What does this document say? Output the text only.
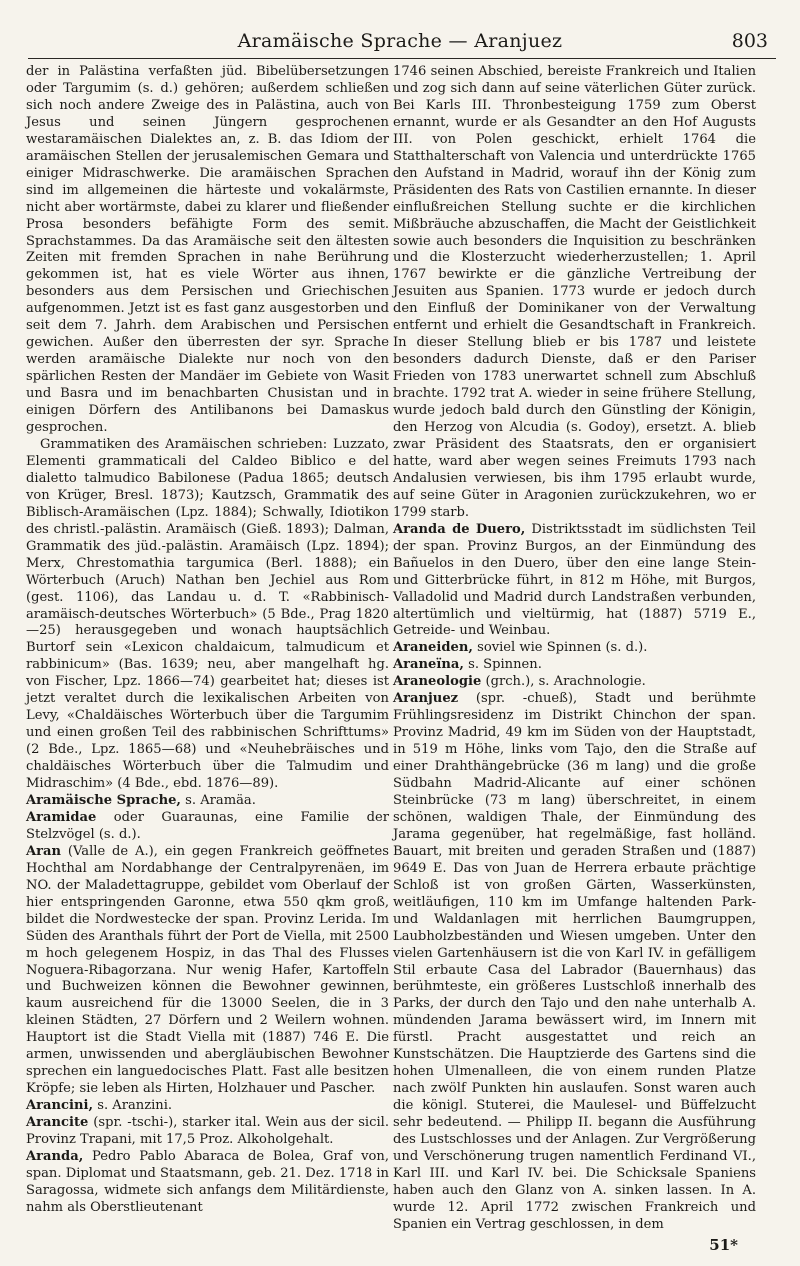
Aramäische Sprache — Aranjuez	803

der in Palästina verfaßten jüd. Bibelübersetzungen oder Targumim (s. d.) gehören; außerdem schließen sich noch andere Zweige des in Palästina, auch von Jesus und seinen Jüngern gesprochenen westaramäischen Dialektes an, z. B. das Idiom der aramäischen Stellen der jerusalemischen Gemara und einiger Midraschwerke. Die aramäischen Sprachen sind im allgemeinen die härteste und vokalärmste, nicht aber wortärmste, dabei zu klarer und fließender Prosa besonders befähigte Form des semit. Sprachstammes. Da das Aramäische seit den ältesten Zeiten mit fremden Sprachen in nahe Berührung gekommen ist, hat es viele Wörter aus ihnen, besonders aus dem Persischen und Griechischen aufgenommen. Jetzt ist es fast ganz ausgestorben und seit dem 7. Jahrh. dem Arabischen und Persischen gewichen. Außer den überresten der syr. Sprache werden aramäische Dialekte nur noch von den spärlichen Resten der Mandäer im Gebiete von Wasit und Basra und im benachbarten Chusistan und in einigen Dörfern des Antilibanons bei Damaskus gesprochen.

Grammatiken des Aramäischen schrieben: Luzzato, Elementi grammaticali del Caldeo Biblico e del dialetto talmudico Babilonese (Padua 1865; deutsch von Krüger, Bresl. 1873); Kautzsch, Grammatik des Biblisch-Aramäischen (Lpz. 1884); Schwally, Idiotikon des christl.-palästin. Aramäisch (Gieß. 1893); Dalman, Grammatik des jüd.-palästin. Aramäisch (Lpz. 1894); Merx, Chrestomathia targumica (Berl. 1888); ein Wörterbuch (Aruch) Nathan ben Jechiel aus Rom (gest. 1106), das Landau u. d. T. «Rabbinisch-aramäisch-deutsches Wörterbuch» (5 Bde., Prag 1820—25) herausgegeben und wonach hauptsächlich Burtorf sein «Lexicon chaldaicum, talmudicum et rabbinicum» (Bas. 1639; neu, aber mangelhaft hg. von Fischer, Lpz. 1866—74) gearbeitet hat; dieses ist jetzt veraltet durch die lexikalischen Arbeiten von Levy, «Chaldäisches Wörterbuch über die Targumim und einen großen Teil des rabbinischen Schrifttums» (2 Bde., Lpz. 1865—68) und «Neuhebräisches und chaldäisches Wörterbuch über die Talmudim und Midraschim» (4 Bde., ebd. 1876—89).

Aramäische Sprache, s. Aramäa.

Aramidae oder Guaraunas, eine Familie der Stelzvögel (s. d.).

Aran (Valle de A.), ein gegen Frankreich geöffnetes Hochthal am Nordabhange der Centralpyrenäen, im NO. der Maladettagruppe, gebildet vom Oberlauf der hier entspringenden Garonne, etwa 550 qkm groß, bildet die Nordwestecke der span. Provinz Lerida. Im Süden des Aranthals führt der Port de Viella, mit 2500 m hoch gelegenem Hospiz, in das Thal des Flusses Noguera-Ribagorzana. Nur wenig Hafer, Kartoffeln und Buchweizen können die Bewohner gewinnen, kaum ausreichend für die 13000 Seelen, die in 3 kleinen Städten, 27 Dörfern und 2 Weilern wohnen. Hauptort ist die Stadt Viella mit (1887) 746 E. Die armen, unwissenden und abergläubischen Bewohner sprechen ein languedocisches Platt. Fast alle besitzen Kröpfe; sie leben als Hirten, Holzhauer und Pascher.

Arancini, s. Aranzini.

Arancite (spr. -tschi-), starker ital. Wein aus der sicil. Provinz Trapani, mit 17,5 Proz. Alkoholgehalt.

Aranda, Pedro Pablo Abaraca de Bolea, Graf von, span. Diplomat und Staatsmann, geb. 21. Dez. 1718 in Saragossa, widmete sich anfangs dem Militärdienste, nahm als Oberstlieutenant

1746 seinen Abschied, bereiste Frankreich und Italien und zog sich dann auf seine väterlichen Güter zurück. Bei Karls III. Thronbesteigung 1759 zum Oberst ernannt, wurde er als Gesandter an den Hof Augusts III. von Polen geschickt, erhielt 1764 die Statthalterschaft von Valencia und unterdrückte 1765 den Aufstand in Madrid, worauf ihn der König zum Präsidenten des Rats von Castilien ernannte. In dieser einflußreichen Stellung suchte er die kirchlichen Mißbräuche abzuschaffen, die Macht der Geistlichkeit sowie auch besonders die Inquisition zu beschränken und die Klosterzucht wiederherzustellen; 1. April 1767 bewirkte er die gänzliche Vertreibung der Jesuiten aus Spanien. 1773 wurde er jedoch durch den Einfluß der Dominikaner von der Verwaltung entfernt und erhielt die Gesandtschaft in Frankreich. In dieser Stellung blieb er bis 1787 und leistete besonders dadurch Dienste, daß er den Pariser Frieden von 1783 unerwartet schnell zum Abschluß brachte. 1792 trat A. wieder in seine frühere Stellung, wurde jedoch bald durch den Günstling der Königin, den Herzog von Alcudia (s. Godoy), ersetzt. A. blieb zwar Präsident des Staatsrats, den er organisiert hatte, ward aber wegen seines Freimuts 1793 nach Andalusien verwiesen, bis ihm 1795 erlaubt wurde, auf seine Güter in Aragonien zurückzukehren, wo er 1799 starb.

Aranda de Duero, Distriktsstadt im südlichsten Teil der span. Provinz Burgos, an der Einmündung des Bañuelos in den Duero, über den eine lange Stein- und Gitterbrücke führt, in 812 m Höhe, mit Burgos, Valladolid und Madrid durch Landstraßen verbunden, altertümlich und vieltürmig, hat (1887) 5719 E., Getreide- und Weinbau.

Araneiden, soviel wie Spinnen (s. d.).

Araneïna, s. Spinnen.

Araneologie (grch.), s. Arachnologie.

Aranjuez (spr. -chueß), Stadt und berühmte Frühlingsresidenz im Distrikt Chinchon der span. Provinz Madrid, 49 km im Süden von der Hauptstadt, in 519 m Höhe, links vom Tajo, den die Straße auf einer Drahthängebrücke (36 m lang) und die große Südbahn Madrid-Alicante auf einer schönen Steinbrücke (73 m lang) überschreitet, in einem schönen, waldigen Thale, der Einmündung des Jarama gegenüber, hat regelmäßige, fast holländ. Bauart, mit breiten und geraden Straßen und (1887) 9649 E. Das von Juan de Herrera erbaute prächtige Schloß ist von großen Gärten, Wasserkünsten, weitläufigen, 110 km im Umfange haltenden Park- und Waldanlagen mit herrlichen Baumgruppen, Laubholzbeständen und Wiesen umgeben. Unter den vielen Gartenhäusern ist die von Karl IV. in gefälligem Stil erbaute Casa del Labrador (Bauernhaus) das berühmteste, ein größeres Lustschloß innerhalb des Parks, der durch den Tajo und den nahe unterhalb A. mündenden Jarama bewässert wird, im Innern mit fürstl. Pracht ausgestattet und reich an Kunstschätzen. Die Hauptzierde des Gartens sind die hohen Ulmenalleen, die von einem runden Platze nach zwölf Punkten hin auslaufen. Sonst waren auch die königl. Stuterei, die Maulesel- und Büffelzucht sehr bedeutend. — Philipp II. begann die Ausführung des Lustschlosses und der Anlagen. Zur Vergrößerung und Verschönerung trugen namentlich Ferdinand VI., Karl III. und Karl IV. bei. Die Schicksale Spaniens haben auch den Glanz von A. sinken lassen. In A. wurde 12. April 1772 zwischen Frankreich und Spanien ein Vertrag geschlossen, in dem

51*
